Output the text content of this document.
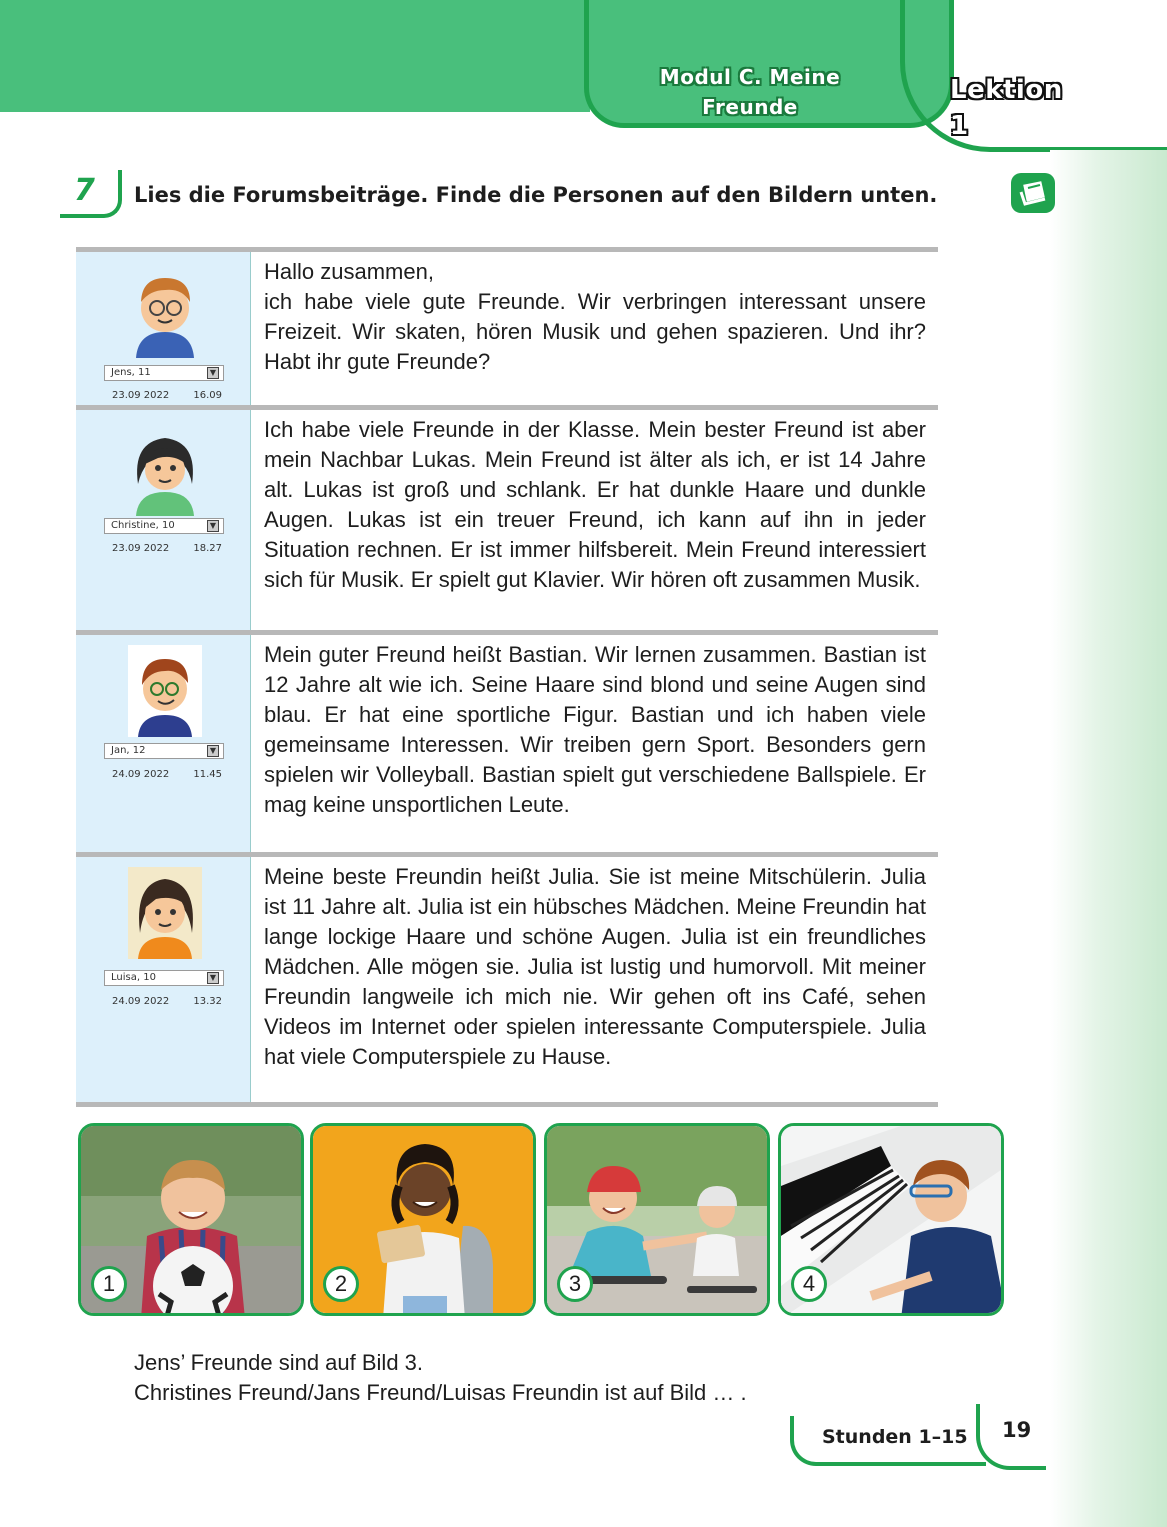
Modul C. Meine Freunde
Lektion 1
7 Lies die Forumsbeiträge. Finde die Personen auf den Bildern unten.
Jens, 11	▼
23.09 2022 16.09

Hallo zusammen,

ich habe viele gute Freunde. Wir verbringen interessant unsere Freizeit. Wir skaten, hören Musik und gehen spazieren. Und ihr? Habt ihr gute Freunde?

Christine, 10	▼
23.09 2022 18.27

Ich habe viele Freunde in der Klasse. Mein bester Freund ist aber mein Nachbar Lukas. Mein Freund ist älter als ich, er ist 14 Jahre alt. Lukas ist groß und schlank. Er hat dunkle Haare und dunkle Augen. Lukas ist ein treuer Freund, ich kann auf ihn in jeder Situation rechnen. Er ist immer hilfsbereit. Mein Freund interessiert sich für Musik. Er spielt gut Klavier. Wir hören oft zusammen Musik.

Jan, 12	▼
24.09 2022 11.45

Mein guter Freund heißt Bastian. Wir lernen zusammen. Bastian ist 12 Jahre alt wie ich. Seine Haare sind blond und seine Augen sind blau. Er hat eine sportliche Figur. Bastian und ich haben viele gemeinsame Interessen. Wir treiben gern Sport. Besonders gern spielen wir Volleyball. Bastian spielt gut verschiedene Ballspiele. Er mag keine unsportlichen Leute.

Luisa, 10	▼
24.09 2022 13.32

Meine beste Freundin heißt Julia. Sie ist meine Mitschülerin. Julia ist 11 Jahre alt. Julia ist ein hübsches Mädchen. Meine Freundin hat lange lockige Haare und schöne Augen. Julia ist ein freundliches Mädchen. Alle mögen sie. Julia ist lustig und humorvoll. Mit meiner Freundin langweile ich mich nie. Wir gehen oft ins Café, sehen Videos im Internet oder spielen interessante Computerspiele. Julia hat viele Computerspiele zu Hause.

1	2	3	4
Jens’ Freunde sind auf Bild 3.
Christines Freund/Jans Freund/Luisas Freundin ist auf Bild … .
Stunden 1–15 19
